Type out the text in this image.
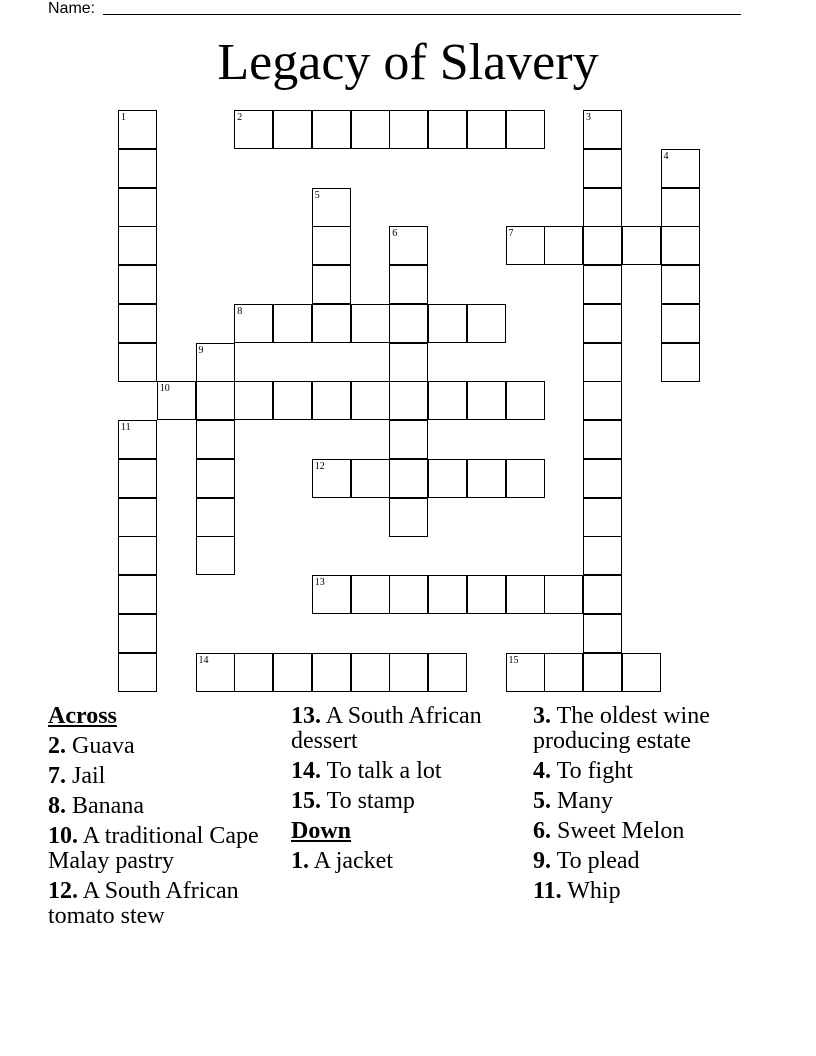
Name:
Legacy of Slavery
1	2	3
4
5
6	7
8
9
10
11
12
13
14	15
Across
2. Guava
7. Jail
8. Banana
10. A traditional Cape Malay pastry
12. A South African tomato stew
13. A South African dessert
14. To talk a lot
15. To stamp
Down
1. A jacket
3. The oldest wine producing estate
4. To fight
5. Many
6. Sweet Melon
9. To plead
11. Whip
